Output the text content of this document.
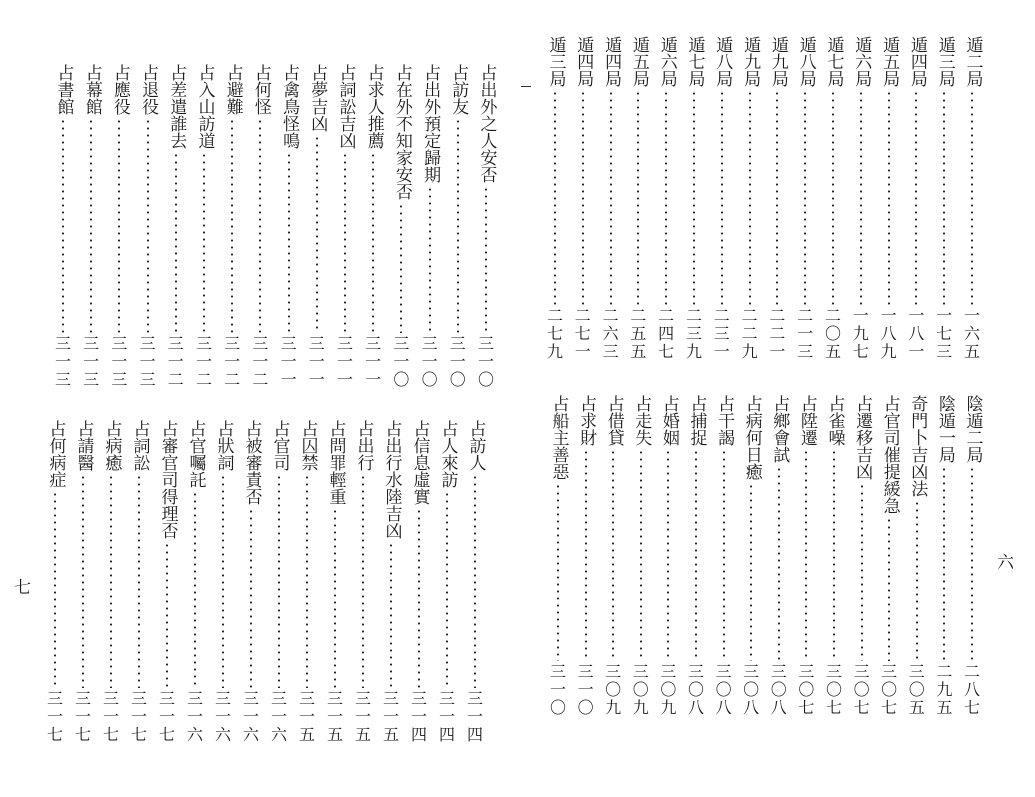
占出外之人安否
三
一
〇
占訪友
三
一
〇
占出外預定歸期
三
一
〇
占在外不知家安否
三
一
〇
占求人推薦
三
一
一
占詞訟吉凶
三
一
一
占夢吉凶
三
一
一
占禽鳥怪鳴
三
一
一
占何怪
三
一
二
占避難
三
一
二
占入山訪道
三
一
二
占差遣誰去
三
一
二
占退役
三
一
三
占應役
三
一
三
占幕館
三
一
三
占書館
三
一
三
占訪人
三
一
四
占人來訪
三
一
四
占信息虛實
三
一
四
占出行水陸吉凶
三
一
五
占出行
三
一
五
占問罪輕重
三
一
五
占囚禁
三
一
五
占官司
三
一
六
占被審責否
三
一
六
占狀詞
三
一
六
占官囑託
三
一
六
占審官司得理否
三
一
七
占詞訟
三
一
七
占病癒
三
一
七
占請醫
三
一
七
占何病症
三
一
七
七
遁二局
一
六
五
遁三局
一
七
三
遁四局
一
八
一
遁五局
一
八
九
遁六局
一
九
七
遁七局
二
〇
五
遁八局
二
一
三
遁九局
二
二
一
遁九局
二
二
九
遁八局
二
三
一
遁七局
二
三
九
遁六局
二
四
七
遁五局
二
五
五
遁四局
二
六
三
遁四局
二
七
一
遁三局
二
七
九
陰遁二局
二
八
七
陰遁一局
二
九
五
奇門卜吉凶法
三
〇
五
占官司催提緩急
三
〇
七
占遷移吉凶
三
〇
七
占雀噪
三
〇
七
占陞遷
三
〇
七
占鄉會試
三
〇
八
占病何日癒
三
〇
八
占干謁
三
〇
八
占捕捉
三
〇
八
占婚姻
三
〇
九
占走失
三
〇
九
占借貸
三
〇
九
占求財
三
一
〇
占船主善惡
三
一
〇
六
